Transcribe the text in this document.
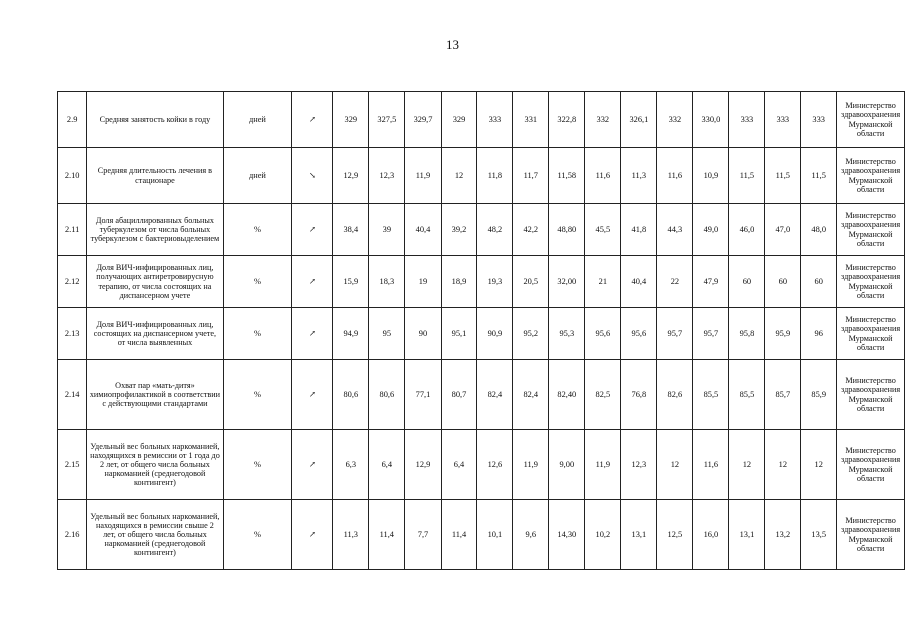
13
2.9	Средняя занятость койки в году	дней	↗	329	327,5	329,7	329	333	331	322,8	332	326,1	332	330,0	333	333	333	Министерство здравоохранения Мурманской области
2.10	Средняя длительность лечения в стационаре	дней	↘	12,9	12,3	11,9	12	11,8	11,7	11,58	11,6	11,3	11,6	10,9	11,5	11,5	11,5	Министерство здравоохранения Мурманской области
2.11	Доля абациллированных больных туберкулезом от числа больных туберкулезом с бактериовыделением	%	↗	38,4	39	40,4	39,2	48,2	42,2	48,80	45,5	41,8	44,3	49,0	46,0	47,0	48,0	Министерство здравоохранения Мурманской области
2.12	Доля ВИЧ-инфицированных лиц, получающих антиретровирусную терапию, от числа состоящих на диспансерном учете	%	↗	15,9	18,3	19	18,9	19,3	20,5	32,00	21	40,4	22	47,9	60	60	60	Министерство здравоохранения Мурманской области
2.13	Доля ВИЧ-инфицированных лиц, состоящих на диспансерном учете, от числа выявленных	%	↗	94,9	95	90	95,1	90,9	95,2	95,3	95,6	95,6	95,7	95,7	95,8	95,9	96	Министерство здравоохранения Мурманской области
2.14	Охват пар «мать-дитя» химиопрофилактикой в соответствии с действующими стандартами	%	↗	80,6	80,6	77,1	80,7	82,4	82,4	82,40	82,5	76,8	82,6	85,5	85,5	85,7	85,9	Министерство здравоохранения Мурманской области
2.15	Удельный вес больных наркоманией, находящихся в ремиссии от 1 года до 2 лет, от общего числа больных наркоманией (среднегодовой контингент)	%	↗	6,3	6,4	12,9	6,4	12,6	11,9	9,00	11,9	12,3	12	11,6	12	12	12	Министерство здравоохранения Мурманской области
2.16	Удельный вес больных наркоманией, находящихся в ремиссии свыше 2 лет, от общего числа больных наркоманией (среднегодовой контингент)	%	↗	11,3	11,4	7,7	11,4	10,1	9,6	14,30	10,2	13,1	12,5	16,0	13,1	13,2	13,5	Министерство здравоохранения Мурманской области
